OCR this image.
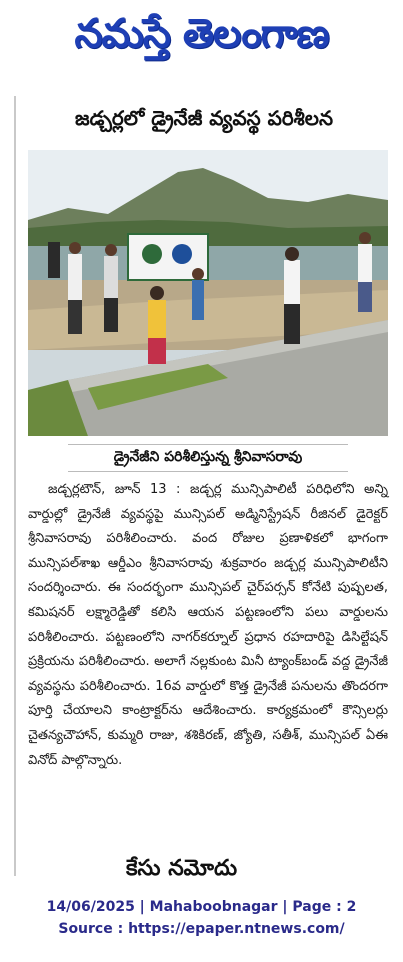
నమస్తే తెలంగాణ
జడ్చర్లలో డ్రైనేజీ వ్యవస్థ పరిశీలన
డ్రైనేజీని పరిశీలిస్తున్న శ్రీనివాసరావు

జడ్చర్లటౌన్, జూన్ 13 : జడ్చర్ల మున్సిపాలిటీ పరిధిలోని అన్ని వార్డుల్లో డ్రైనేజీ వ్యవస్థపై మున్సిపల్ అడ్మినిస్ట్రేషన్ రీజినల్ డైరెక్టర్ శ్రీనివాసరావు పరిశీలించారు. వంద రోజుల ప్రణాళికలో భాగంగా మున్సిపల్‌శాఖ ఆర్డీఎం శ్రీనివాసరావు శుక్రవారం జడ్చర్ల మున్సిపాలిటీని సందర్శించారు. ఈ సందర్భంగా మున్సిపల్ చైర్‌పర్సన్ కోనేటి పుష్పలత, కమిషనర్ లక్ష్మారెడ్డితో కలిసి ఆయన పట్టణంలోని పలు వార్డులను పరిశీలించారు. పట్టణంలోని నాగర్‌కర్నూల్ ప్రధాన రహదారిపై డిసిల్టేషన్ ప్రక్రియను పరిశీలించారు. అలాగే నల్లకుంట మినీ ట్యాంక్‌బండ్ వద్ద డ్రైనేజీ వ్యవస్థను పరిశీలించారు. 16వ వార్డులో కొత్త డ్రైనేజీ పనులను తొందరగా పూర్తి చేయాలని కాంట్రాక్టర్‌ను ఆదేశించారు. కార్యక్రమంలో కౌన్సిలర్లు చైతన్యచౌహాన్, కుమ్మరి రాజు, శశికిరణ్, జ్యోతి, సతీశ్, మున్సిపల్ ఏఈ వినోద్ పాల్గొన్నారు.

కేసు నమోదు
14/06/2025 | Mahaboobnagar | Page : 2
Source : https://epaper.ntnews.com/
